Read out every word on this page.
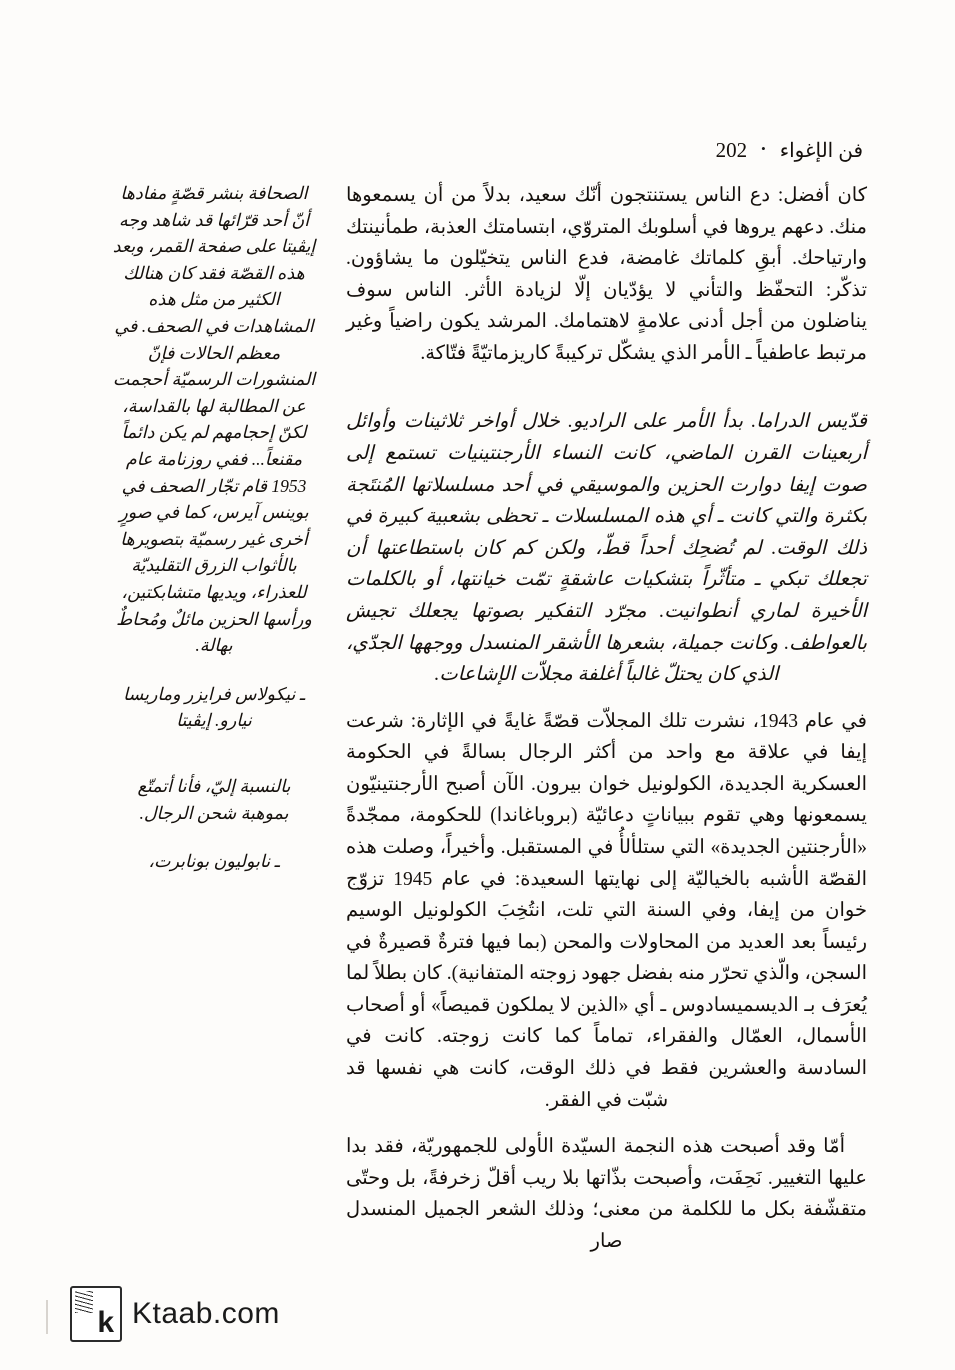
فن الإغواء
•
202

كان أفضل: دع الناس يستنتجون أنّك سعيد، بدلاً من أن يسمعوها منك. دعهم يروها في أسلوبك المتروّي، ابتسامتك العذبة، طمأنينتك وارتياحك. أبقِ كلماتك غامضة، فدع الناس يتخيّلون ما يشاؤون. تذكّر: التحفّظ والتأني لا يؤدّيان إلّا لزيادة الأثر. الناس سوف يناضلون من أجل أدنى علامةٍ لاهتمامك. المرشد يكون راضياً وغير مرتبط عاطفياً ـ الأمر الذي يشكّل تركيبةً كاريزماتيّةً فتّاكة.

قدّيس الدراما. بدأ الأمر على الراديو. خلال أواخر ثلاثينات وأوائل أربعينات القرن الماضي، كانت النساء الأرجنتينيات تستمع إلى صوت إيفا دوارت الحزين والموسيقي في أحد مسلسلاتها المُنتَجة بكثرة والتي كانت ـ أي هذه المسلسلات ـ تحظى بشعبية كبيرة في ذلك الوقت. لم تُضحِك أحداً قطّ، ولكن كم كان باستطاعتها أن تجعلك تبكي ـ متأثّراً بتشكيات عاشقةٍ تمّت خيانتها، أو بالكلمات الأخيرة لماري أنطوانيت. مجرّد التفكير بصوتها يجعلك تجيش بالعواطف. وكانت جميلة، بشعرها الأشقر المنسدل ووجهها الجدّي، الذي كان يحتلّ غالباً أغلفة مجلاّت الإشاعات.

في عام 1943، نشرت تلك المجلاّت قصّةً غايةً في الإثارة: شرعت إيفا في علاقة مع واحد من أكثر الرجال بسالةً في الحكومة العسكرية الجديدة، الكولونيل خوان بيرون. الآن أصبح الأرجنتينيّون يسمعونها وهي تقوم ببياناتٍ دعائيّة (بروباغاندا) للحكومة، ممجّدةً «الأرجنتين الجديدة» التي ستلألأُ في المستقبل. وأخيراً، وصلت هذه القصّة الأشبه بالخياليّة إلى نهايتها السعيدة: في عام 1945 تزوّج خوان من إيفا، وفي السنة التي تلت، انتُخِبَ الكولونيل الوسيم رئيساً بعد العديد من المحاولات والمحن (بما فيها فترةٌ قصيرةٌ في السجن، والّذي تحرّر منه بفضل جهود زوجته المتفانية). كان بطلاً لما يُعرَف بـ الديسميسادوس ـ أي «الذين لا يملكون قميصاً» أو أصحاب الأسمال، العمّال والفقراء، تماماً كما كانت زوجته. كانت في السادسة والعشرين فقط في ذلك الوقت، كانت هي نفسها قد شبّت في الفقر.

أمّا وقد أصبحت هذه النجمة السيّدة الأولى للجمهوريّة، فقد بدا عليها التغيير. نَحِفَت، وأصبحت بذّاتها بلا ريب أقلّ زخرفةً، بل وحتّى متقشّفة بكل ما للكلمة من معنى؛ وذلك الشعر الجميل المنسدل صار

الصحافة بنشر قصّةٍ مفادها أنّ أحد قرّائها قد شاهد وجه إيڤيتا على صفحة القمر، وبعد هذه القصّة فقد كان هنالك الكثير من مثل هذه المشاهدات في الصحف. في معظم الحالات فإنّ المنشورات الرسميّة أحجمت عن المطالبة لها بالقداسة، لكنّ إحجامهم لم يكن دائماً مقنعاً... ففي روزنامة عام 1953 قام تجّار الصحف في بوينس آيرس، كما في صورٍ أخرى غير رسميّة بتصويرها بالأثواب الزرق التقليديّة للعذراء، ويديها متشابكتين، ورأسها الحزين مائلٌ ومُحاطٌ بهالة.

ـ نيكولاس فرايزر وماريسا نيارو. إيڤيتا

بالنسبة إليّ، فأنا أتمتّع بموهبة شحن الرجال.

ـ نابوليون بونابرت،

k Ktaab.com
